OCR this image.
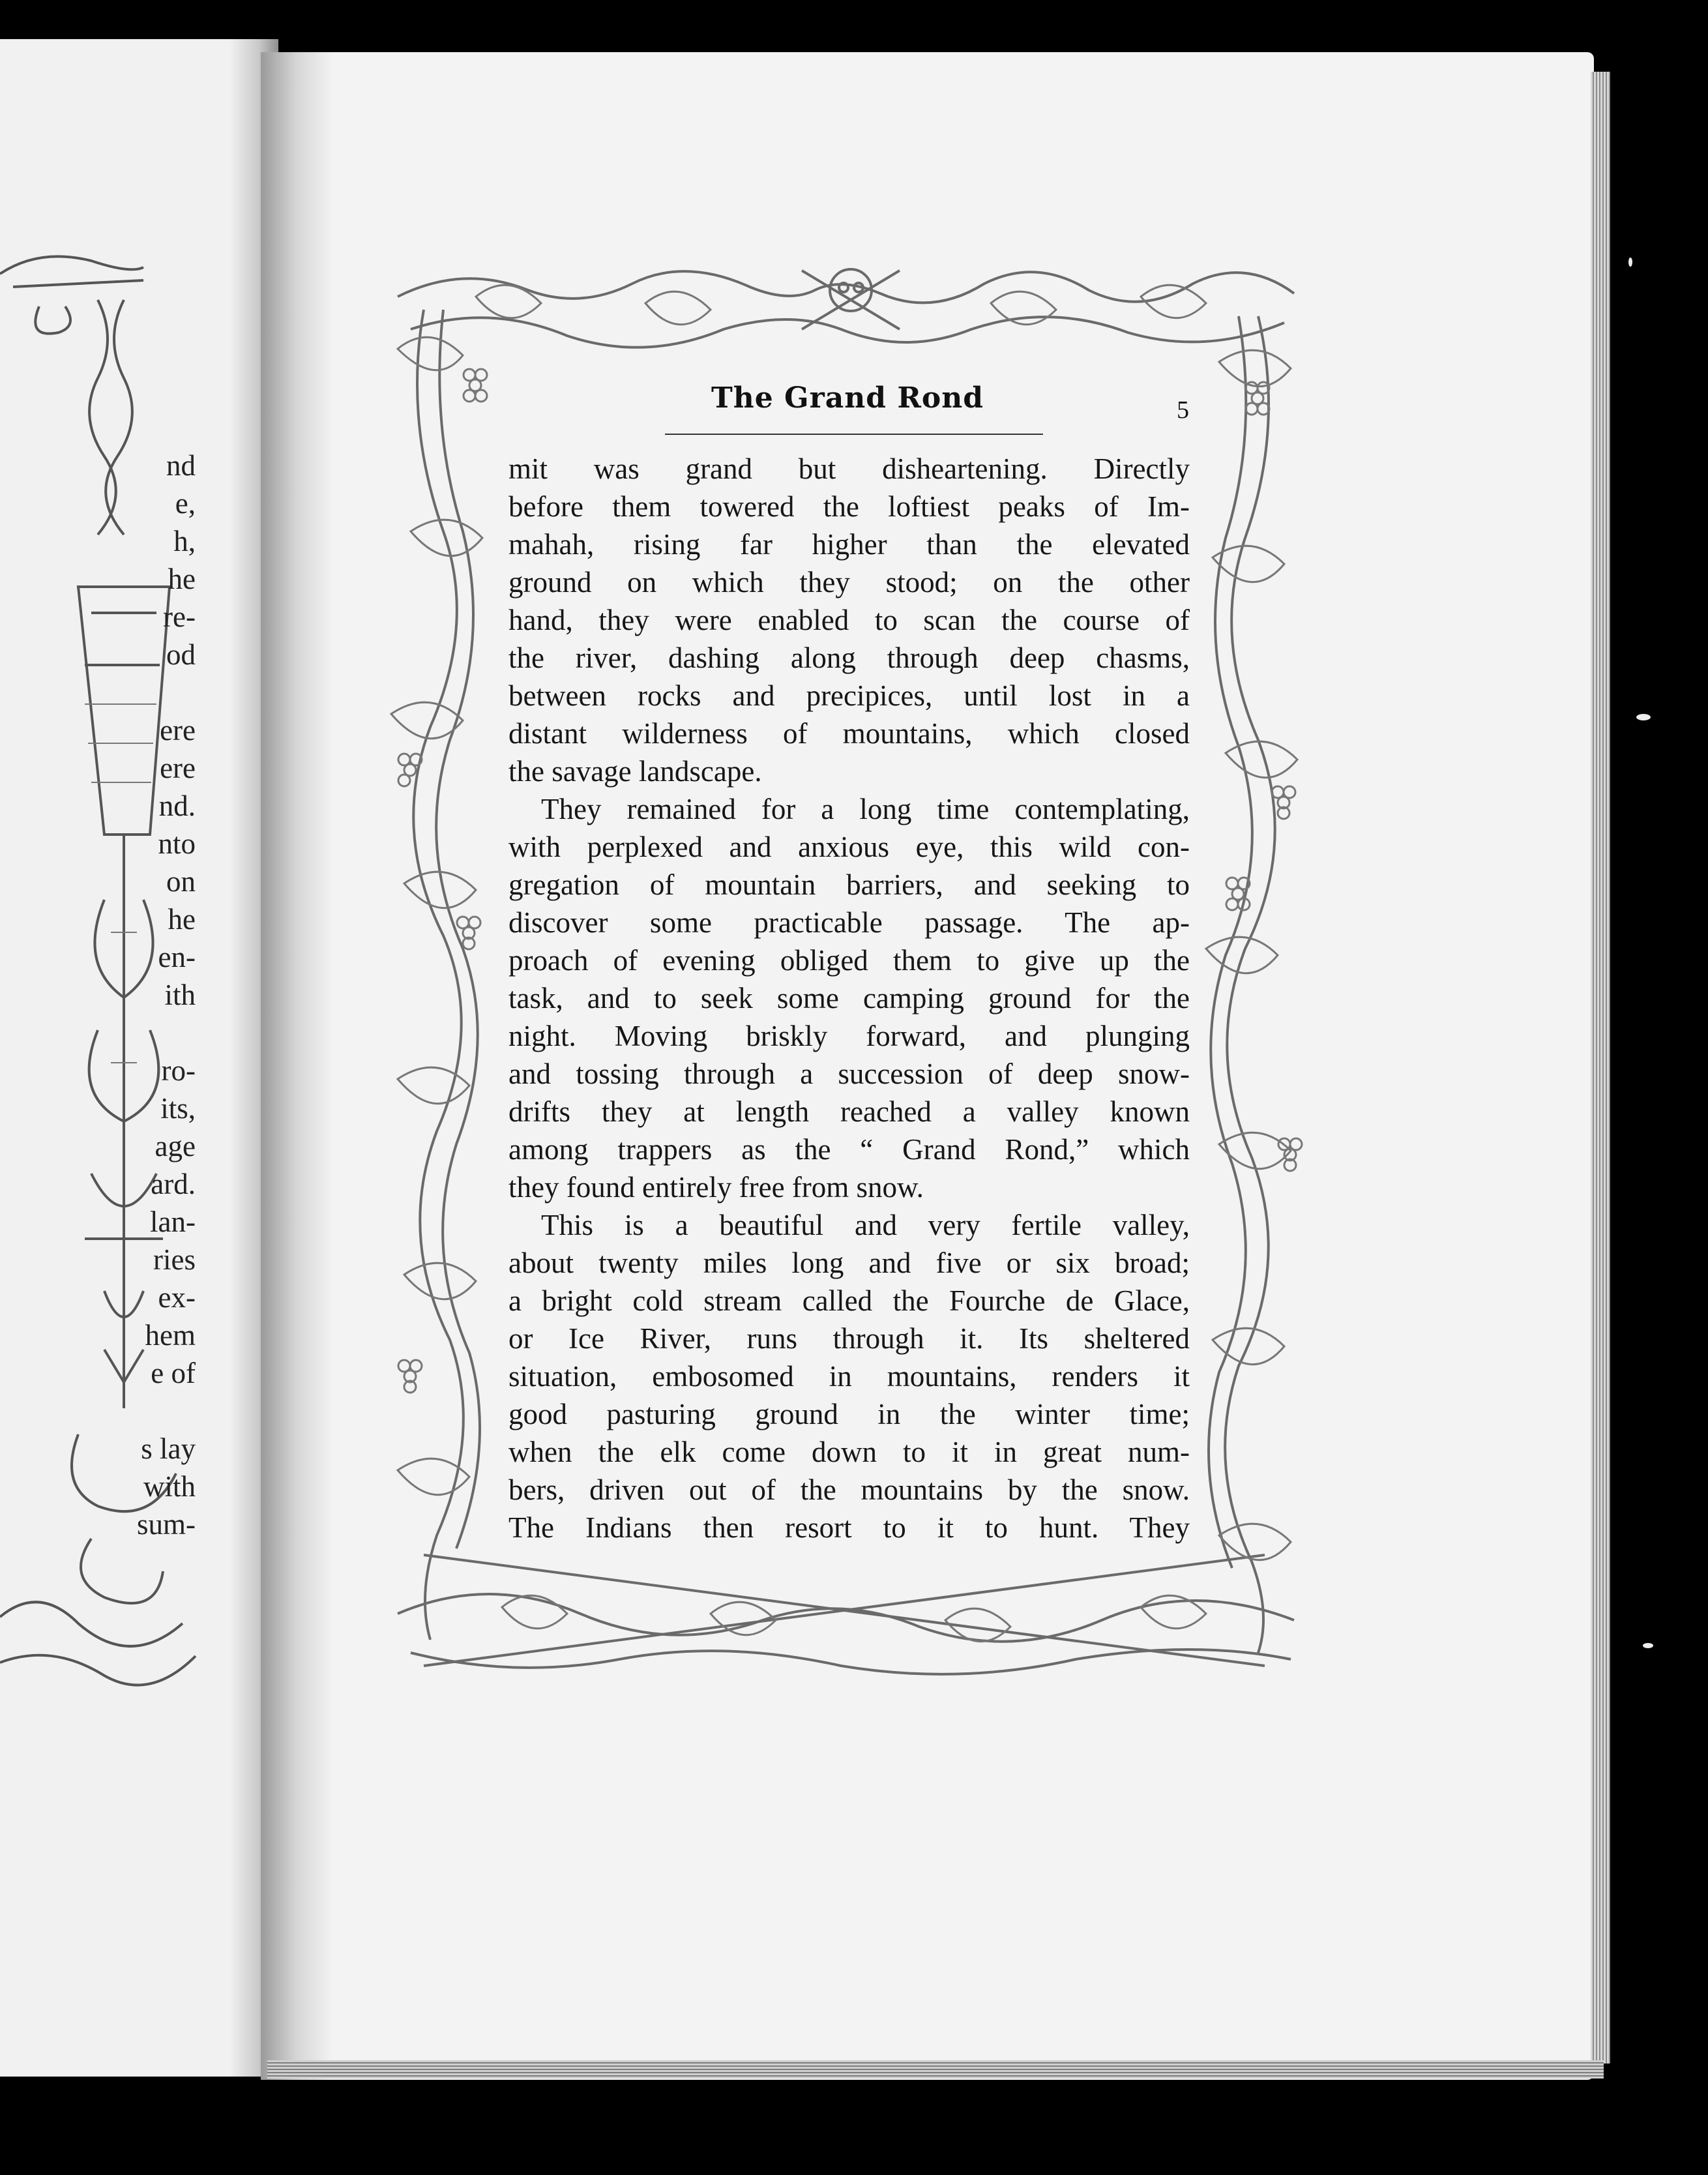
nd
e,
h,
he
re-
od
ere
ere
nd.
nto
on
he
en-
ith
ro-
its,
age
ard.
lan-
ries
ex-
hem
e of
s lay
with
sum-
The Grand Rond	5
mit was grand but disheartening. Directly
before them towered the loftiest peaks of Im-
mahah, rising far higher than the elevated
ground on which they stood; on the other
hand, they were enabled to scan the course of
the river, dashing along through deep chasms,
between rocks and precipices, until lost in a
distant wilderness of mountains, which closed
the savage landscape.
They remained for a long time contemplating,
with perplexed and anxious eye, this wild con-
gregation of mountain barriers, and seeking to
discover some practicable passage. The ap-
proach of evening obliged them to give up the
task, and to seek some camping ground for the
night. Moving briskly forward, and plunging
and tossing through a succession of deep snow-
drifts they at length reached a valley known
among trappers as the “ Grand Rond,” which
they found entirely free from snow.
This is a beautiful and very fertile valley,
about twenty miles long and five or six broad;
a bright cold stream called the Fourche de Glace,
or Ice River, runs through it. Its sheltered
situation, embosomed in mountains, renders it
good pasturing ground in the winter time;
when the elk come down to it in great num-
bers, driven out of the mountains by the snow.
The Indians then resort to it to hunt. They
